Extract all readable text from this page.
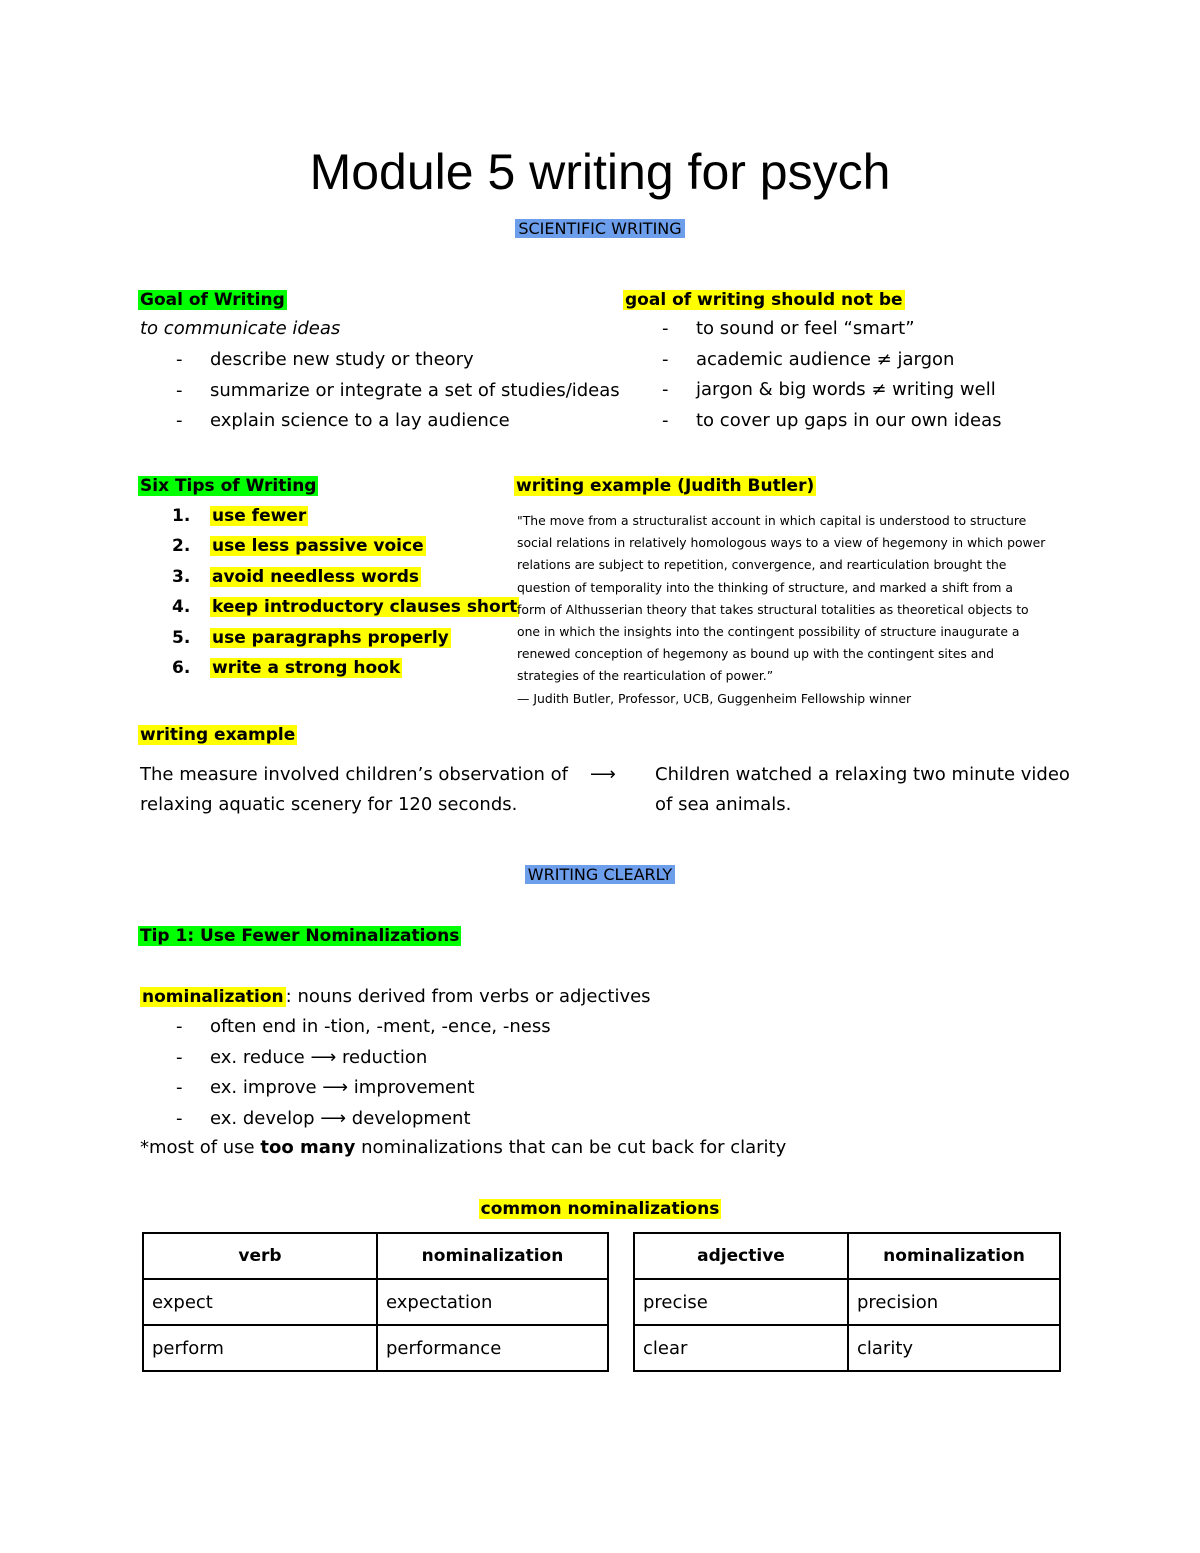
Module 5 writing for psych
SCIENTIFIC WRITING
Goal of Writing
to communicate ideas
- describe new study or theory
- summarize or integrate a set of studies/ideas
- explain science to a lay audience
goal of writing should not be
- to sound or feel “smart”
- academic audience ≠ jargon
- jargon & big words ≠ writing well
- to cover up gaps in our own ideas
Six Tips of Writing
1. use fewer
2. use less passive voice
3. avoid needless words
4. keep introductory clauses short
5. use paragraphs properly
6. write a strong hook
writing example (Judith Butler)
"The move from a structuralist account in which capital is understood to structure
social relations in relatively homologous ways to a view of hegemony in which power
relations are subject to repetition, convergence, and rearticulation brought the
question of temporality into the thinking of structure, and marked a shift from a
form of Althusserian theory that takes structural totalities as theoretical objects to
one in which the insights into the contingent possibility of structure inaugurate a
renewed conception of hegemony as bound up with the contingent sites and
strategies of the rearticulation of power.”
— Judith Butler, Professor, UCB, Guggenheim Fellowship winner
writing example
The measure involved children’s observation of
relaxing aquatic scenery for 120 seconds.
⟶ Children watched a relaxing two minute video
of sea animals.
WRITING CLEARLY
Tip 1: Use Fewer Nominalizations
nominalization : nouns derived from verbs or adjectives
- often end in -tion, -ment, -ence, -ness
- ex. reduce ⟶ reduction
- ex. improve ⟶ improvement
- ex. develop ⟶ development
*most of use too many nominalizations that can be cut back for clarity
common nominalizations
verb	nominalization
expect	expectation
perform	performance
adjective	nominalization
precise	precision
clear	clarity
